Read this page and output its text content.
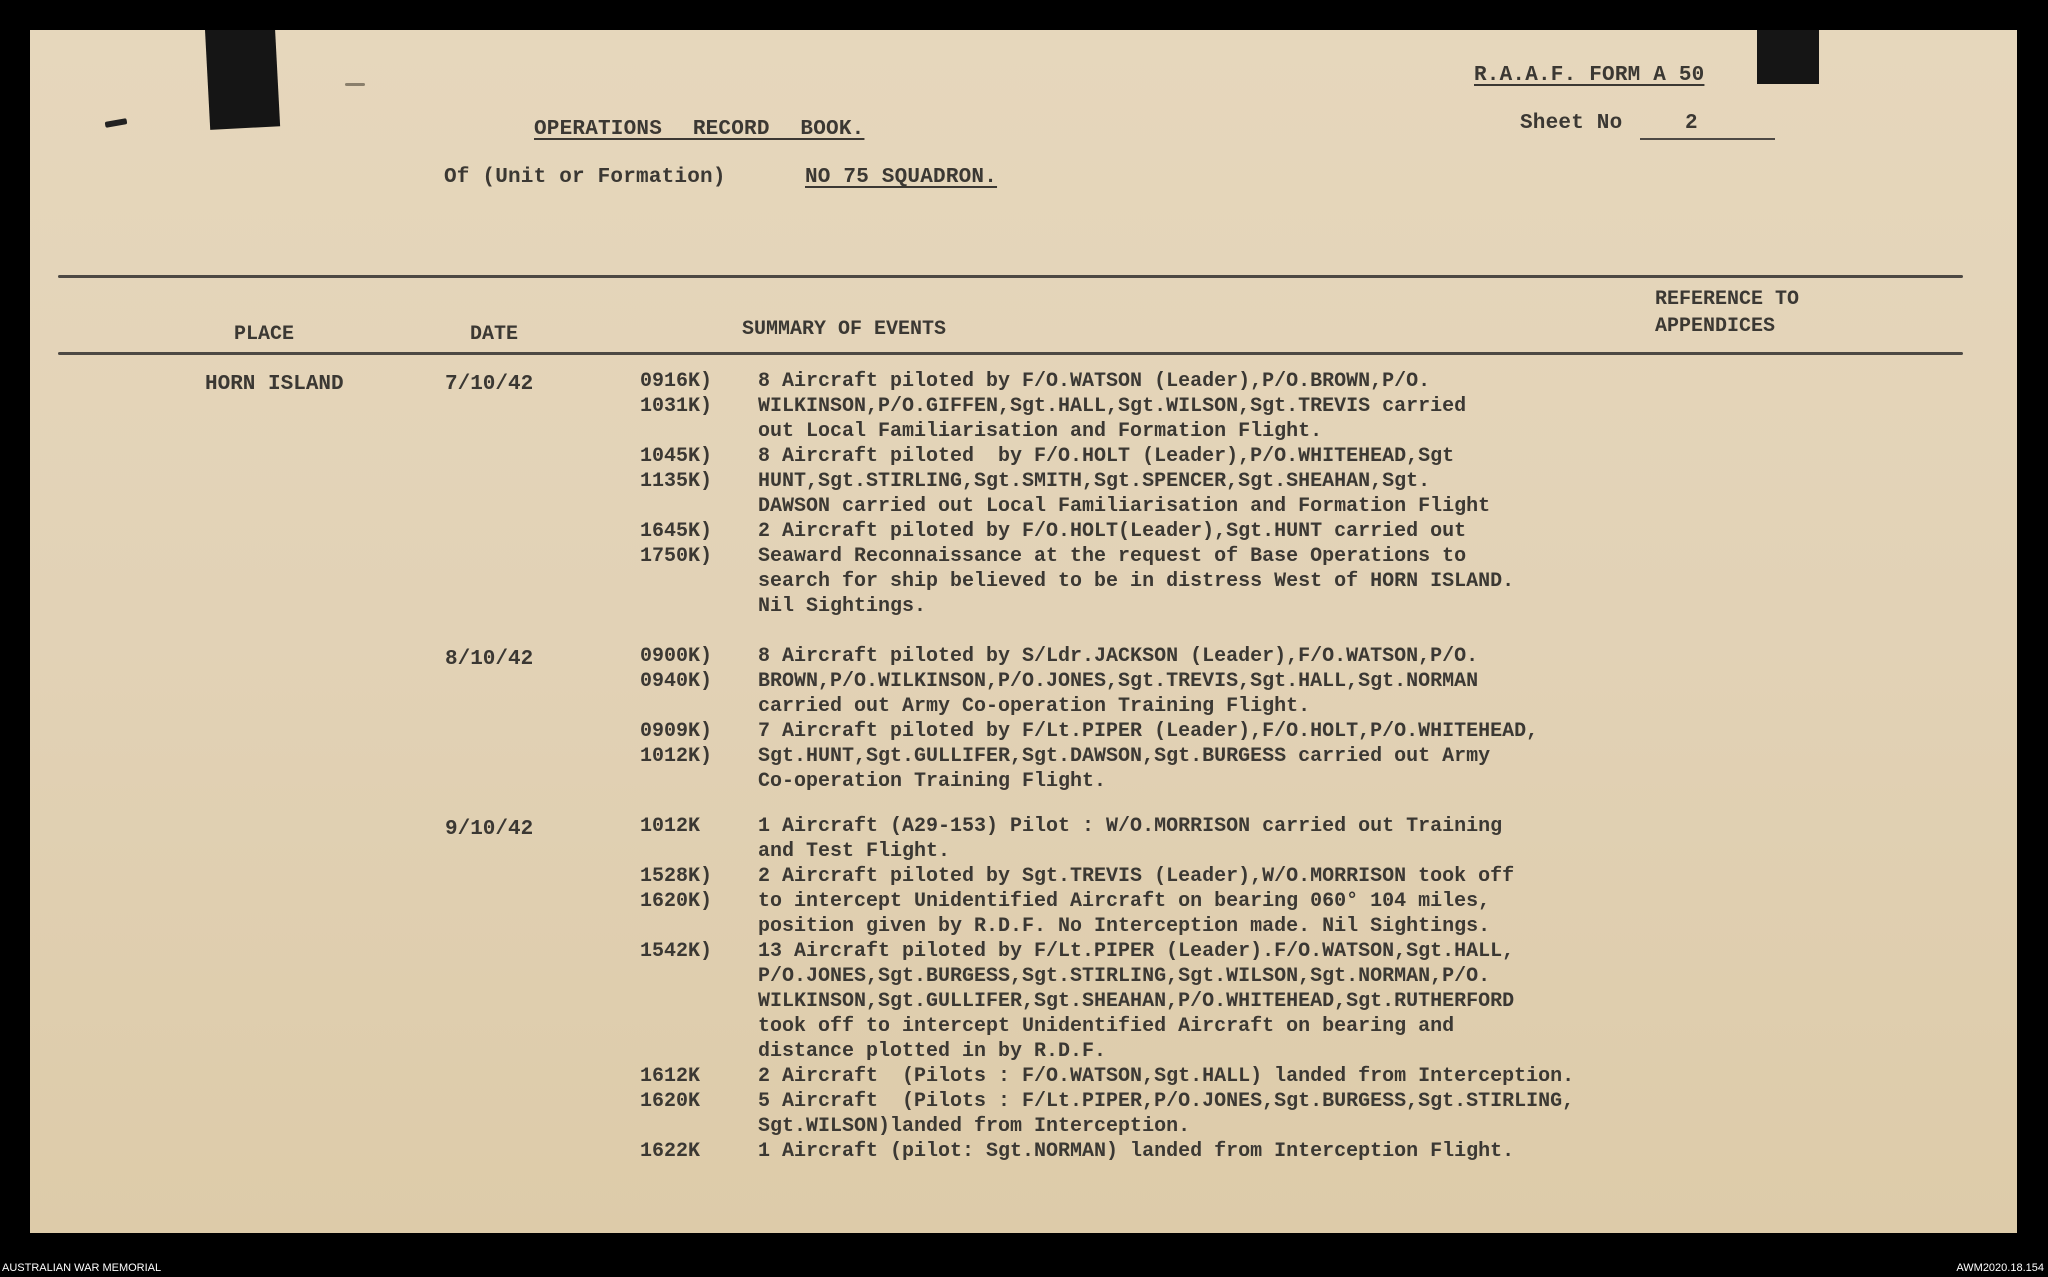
R.A.A.F. FORM A 50
Sheet No	2
OPERATIONS RECORD BOOK.
Of (Unit or Formation)	NO 75 SQUADRON.
REFERENCE TO
APPENDICES
PLACE	DATE	SUMMARY OF EVENTS
HORN ISLAND	7/10/42	0916K)	8 Aircraft piloted by F/O.WATSON (Leader),P/O.BROWN,P/O.
1031K)	WILKINSON,P/O.GIFFEN,Sgt.HALL,Sgt.WILSON,Sgt.TREVIS carried
out Local Familiarisation and Formation Flight.
1045K)	8 Aircraft piloted  by F/O.HOLT (Leader),P/O.WHITEHEAD,Sgt
1135K)	HUNT,Sgt.STIRLING,Sgt.SMITH,Sgt.SPENCER,Sgt.SHEAHAN,Sgt.
DAWSON carried out Local Familiarisation and Formation Flight
1645K)	2 Aircraft piloted by F/O.HOLT(Leader),Sgt.HUNT carried out
1750K)	Seaward Reconnaissance at the request of Base Operations to
search for ship believed to be in distress West of HORN ISLAND.
Nil Sightings.
8/10/42	0900K)	8 Aircraft piloted by S/Ldr.JACKSON (Leader),F/O.WATSON,P/O.
0940K)	BROWN,P/O.WILKINSON,P/O.JONES,Sgt.TREVIS,Sgt.HALL,Sgt.NORMAN
carried out Army Co-operation Training Flight.
0909K)	7 Aircraft piloted by F/Lt.PIPER (Leader),F/O.HOLT,P/O.WHITEHEAD,
1012K)	Sgt.HUNT,Sgt.GULLIFER,Sgt.DAWSON,Sgt.BURGESS carried out Army
Co-operation Training Flight.
9/10/42	1012K	1 Aircraft (A29-153) Pilot : W/O.MORRISON carried out Training
and Test Flight.
1528K)	2 Aircraft piloted by Sgt.TREVIS (Leader),W/O.MORRISON took off
1620K)	to intercept Unidentified Aircraft on bearing 060° 104 miles,
position given by R.D.F. No Interception made. Nil Sightings.
1542K)	13 Aircraft piloted by F/Lt.PIPER (Leader).F/O.WATSON,Sgt.HALL,
P/O.JONES,Sgt.BURGESS,Sgt.STIRLING,Sgt.WILSON,Sgt.NORMAN,P/O.
WILKINSON,Sgt.GULLIFER,Sgt.SHEAHAN,P/O.WHITEHEAD,Sgt.RUTHERFORD
took off to intercept Unidentified Aircraft on bearing and
distance plotted in by R.D.F.
1612K	2 Aircraft  (Pilots : F/O.WATSON,Sgt.HALL) landed from Interception.
1620K	5 Aircraft  (Pilots : F/Lt.PIPER,P/O.JONES,Sgt.BURGESS,Sgt.STIRLING,
Sgt.WILSON)landed from Interception.
1622K	1 Aircraft (pilot: Sgt.NORMAN) landed from Interception Flight.
AUSTRALIAN WAR MEMORIAL	AWM2020.18.154
